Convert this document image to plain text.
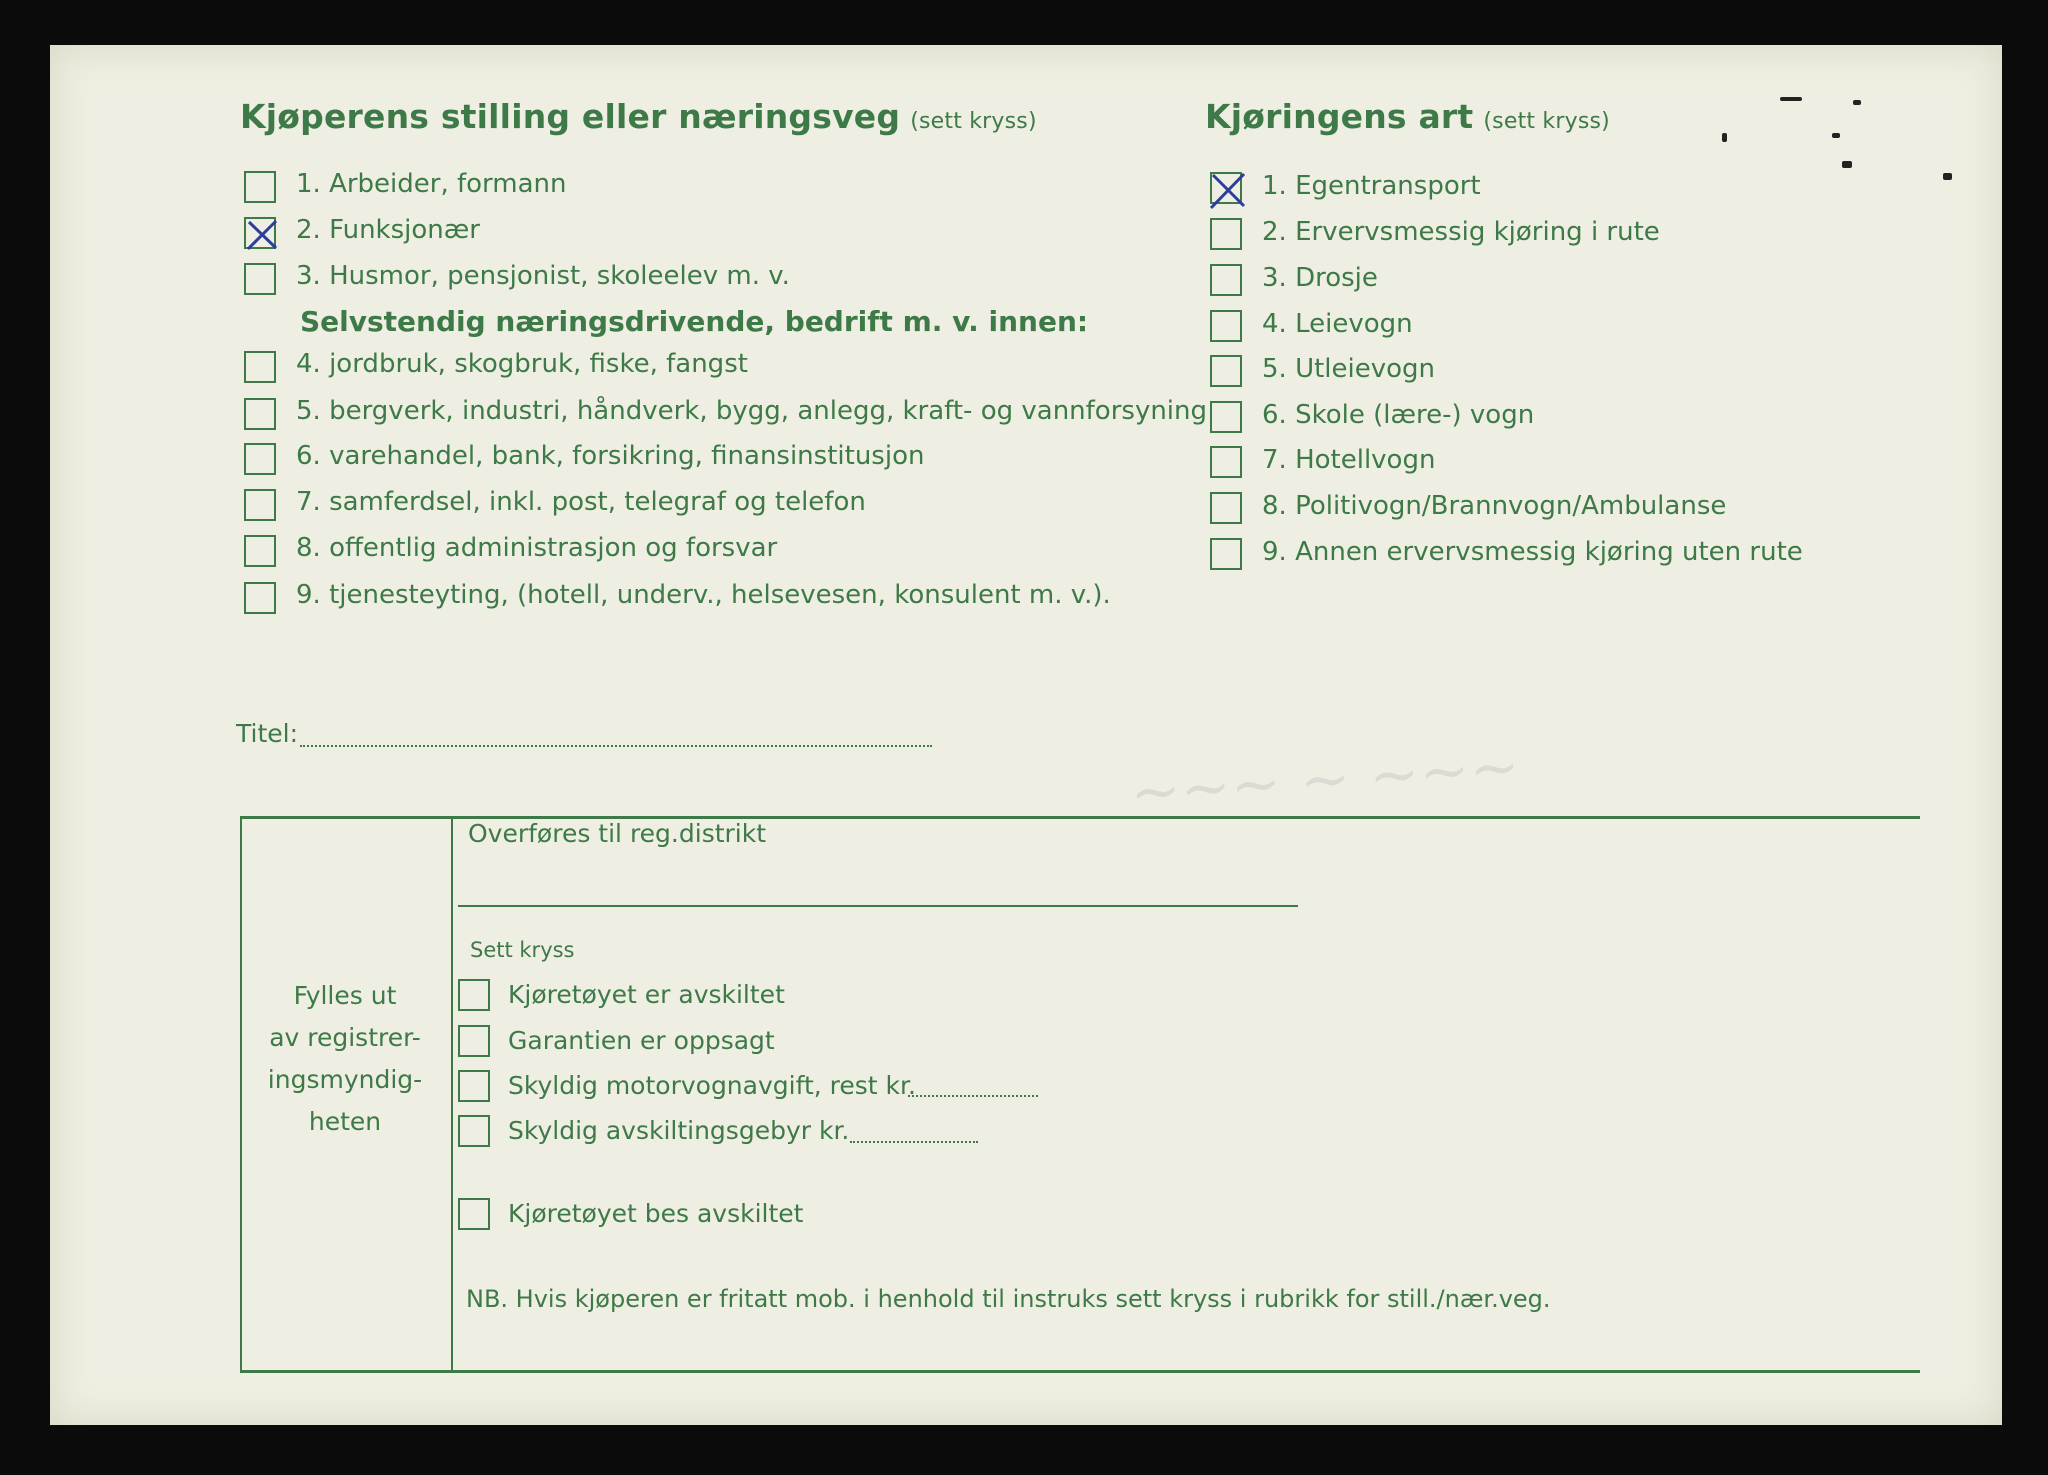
~~~ ~ ~~~
Kjøperens stilling eller næringsveg (sett kryss)	Kjøringens art (sett kryss)
1. Arbeider, formann
2. Funksjonær
3. Husmor, pensjonist, skoleelev m. v.
Selvstendig næringsdrivende, bedrift m. v. innen:
4. jordbruk, skogbruk, fiske, fangst
5. bergverk, industri, håndverk, bygg, anlegg, kraft- og vannforsyning
6. varehandel, bank, forsikring, finansinstitusjon
7. samferdsel, inkl. post, telegraf og telefon
8. offentlig administrasjon og forsvar
9. tjenesteyting, (hotell, underv., helsevesen, konsulent m. v.).
1. Egentransport
2. Ervervsmessig kjøring i rute
3. Drosje
4. Leievogn
5. Utleievogn
6. Skole (lære-) vogn
7. Hotellvogn
8. Politivogn/Brannvogn/Ambulanse
9. Annen ervervsmessig kjøring uten rute
Titel:
Fylles ut
av registrer-
ingsmyndig-
heten
Overføres til reg.distrikt
Sett kryss
Kjøretøyet er avskiltet
Garantien er oppsagt
Skyldig motorvognavgift, rest kr.
Skyldig avskiltingsgebyr kr.
Kjøretøyet bes avskiltet
NB. Hvis kjøperen er fritatt mob. i henhold til instruks sett kryss i rubrikk for still./nær.veg.
